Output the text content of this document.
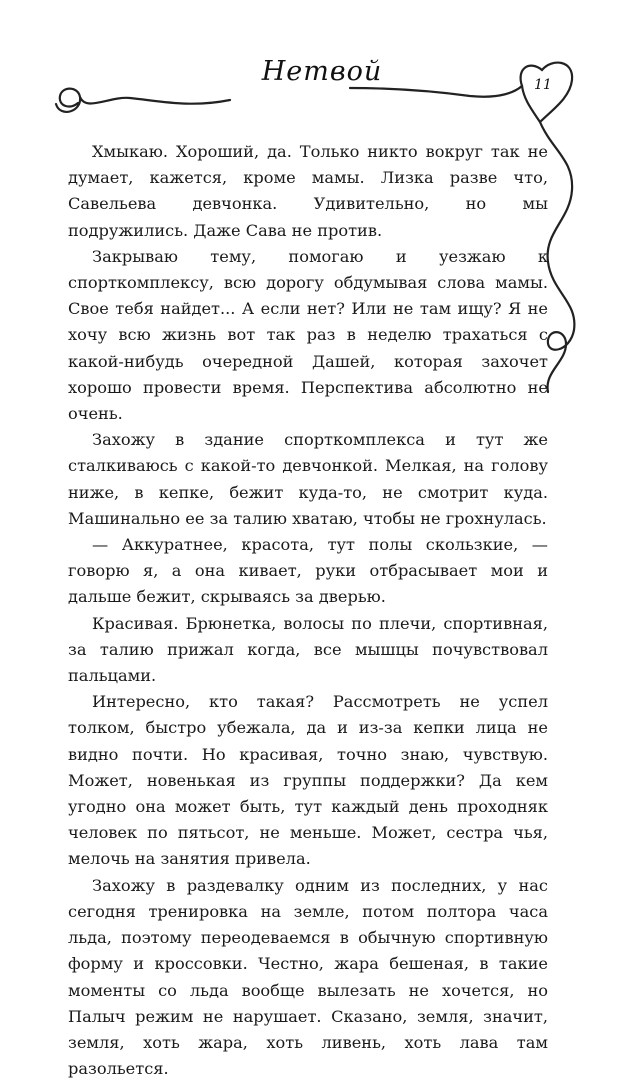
Нетвой	11

Хмыкаю. Хороший, да. Только никто вокруг так не думает, кажется, кроме мамы. Лизка разве что, Савельева девчонка. Удивительно, но мы подружились. Даже Сава не против.

Закрываю тему, помогаю и уезжаю к спорткомплексу, всю дорогу обдумывая слова мамы. Свое тебя найдет... А если нет? Или не там ищу? Я не хочу всю жизнь вот так раз в неделю трахаться с какой-нибудь очередной Дашей, которая захочет хорошо провести время. Перспектива абсолютно не очень.

Захожу в здание спорткомплекса и тут же сталкиваюсь с какой-то девчонкой. Мелкая, на голову ниже, в кепке, бежит куда-то, не смотрит куда. Машинально ее за талию хватаю, чтобы не грохнулась.

— Аккуратнее, красота, тут полы скользкие, — говорю я, а она кивает, руки отбрасывает мои и дальше бежит, скрываясь за дверью.

Красивая. Брюнетка, волосы по плечи, спортивная, за талию прижал когда, все мышцы почувствовал пальцами.

Интересно, кто такая? Рассмотреть не успел толком, быстро убежала, да и из-за кепки лица не видно почти. Но красивая, точно знаю, чувствую. Может, новенькая из группы поддержки? Да кем угодно она может быть, тут каждый день проходняк человек по пятьсот, не меньше. Может, сестра чья, мелочь на занятия привела.

Захожу в раздевалку одним из последних, у нас сегодня тренировка на земле, потом полтора часа льда, поэтому переодеваемся в обычную спортивную форму и кроссовки. Честно, жара бешеная, в такие моменты со льда вообще вылезать не хочется, но Палыч режим не нарушает. Сказано, земля, значит, земля, хоть жара, хоть ливень, хоть лава там разольется.
